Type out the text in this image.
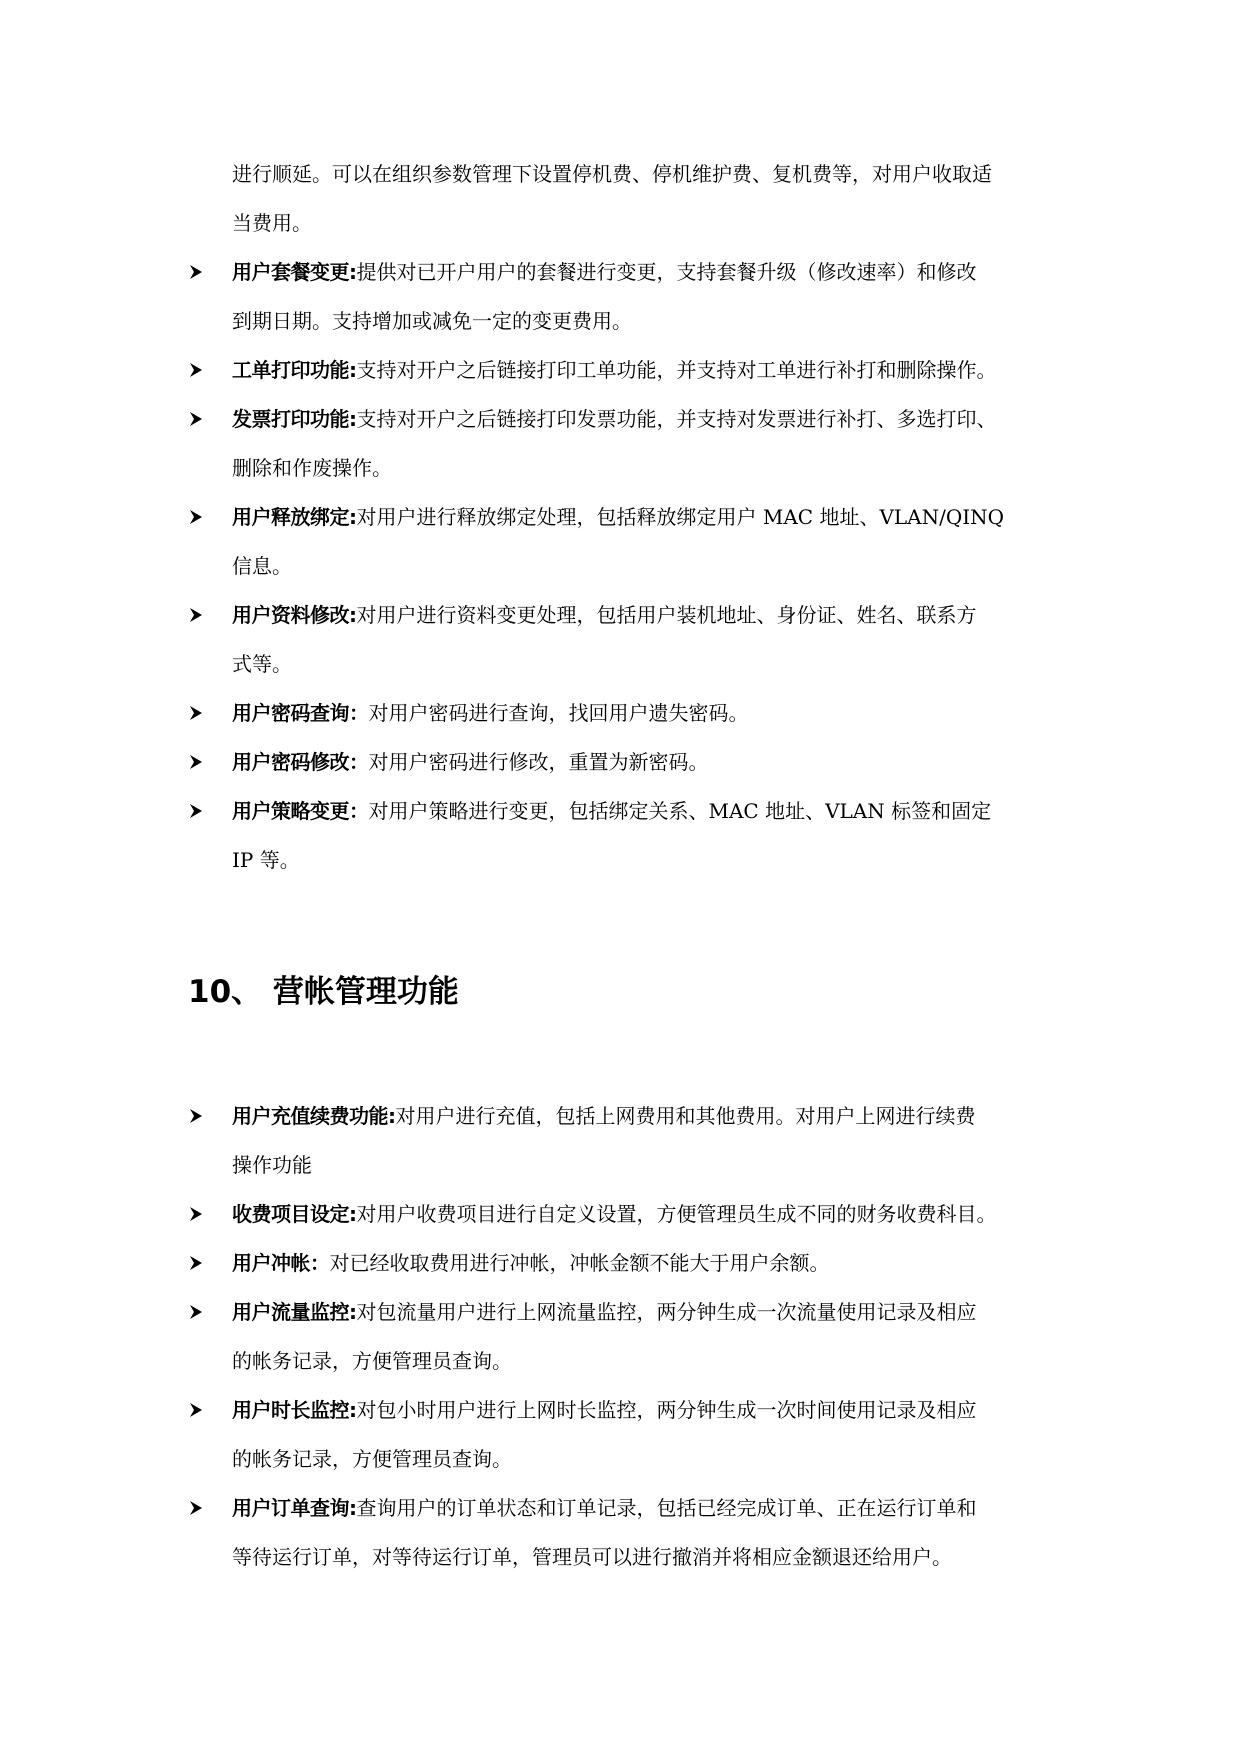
进行顺延。可以在组织参数管理下设置停机费、停机维护费、复机费等，对用户收取适
当费用。
用户套餐变更:提供对已开户用户的套餐进行变更，支持套餐升级（修改速率）和修改
到期日期。支持增加或减免一定的变更费用。
工单打印功能:支持对开户之后链接打印工单功能，并支持对工单进行补打和删除操作。
发票打印功能:支持对开户之后链接打印发票功能，并支持对发票进行补打、多选打印、
删除和作废操作。
用户释放绑定:对用户进行释放绑定处理，包括释放绑定用户 MAC 地址、VLAN/QINQ
信息。
用户资料修改:对用户进行资料变更处理，包括用户装机地址、身份证、姓名、联系方
式等。
用户密码查询：对用户密码进行查询，找回用户遗失密码。
用户密码修改：对用户密码进行修改，重置为新密码。
用户策略变更：对用户策略进行变更，包括绑定关系、MAC 地址、VLAN 标签和固定
IP 等。
10、 营帐管理功能
用户充值续费功能:对用户进行充值，包括上网费用和其他费用。对用户上网进行续费
操作功能
收费项目设定:对用户收费项目进行自定义设置，方便管理员生成不同的财务收费科目。
用户冲帐：对已经收取费用进行冲帐，冲帐金额不能大于用户余额。
用户流量监控:对包流量用户进行上网流量监控，两分钟生成一次流量使用记录及相应
的帐务记录，方便管理员查询。
用户时长监控:对包小时用户进行上网时长监控，两分钟生成一次时间使用记录及相应
的帐务记录，方便管理员查询。
用户订单查询:查询用户的订单状态和订单记录，包括已经完成订单、正在运行订单和
等待运行订单，对等待运行订单，管理员可以进行撤消并将相应金额退还给用户。
